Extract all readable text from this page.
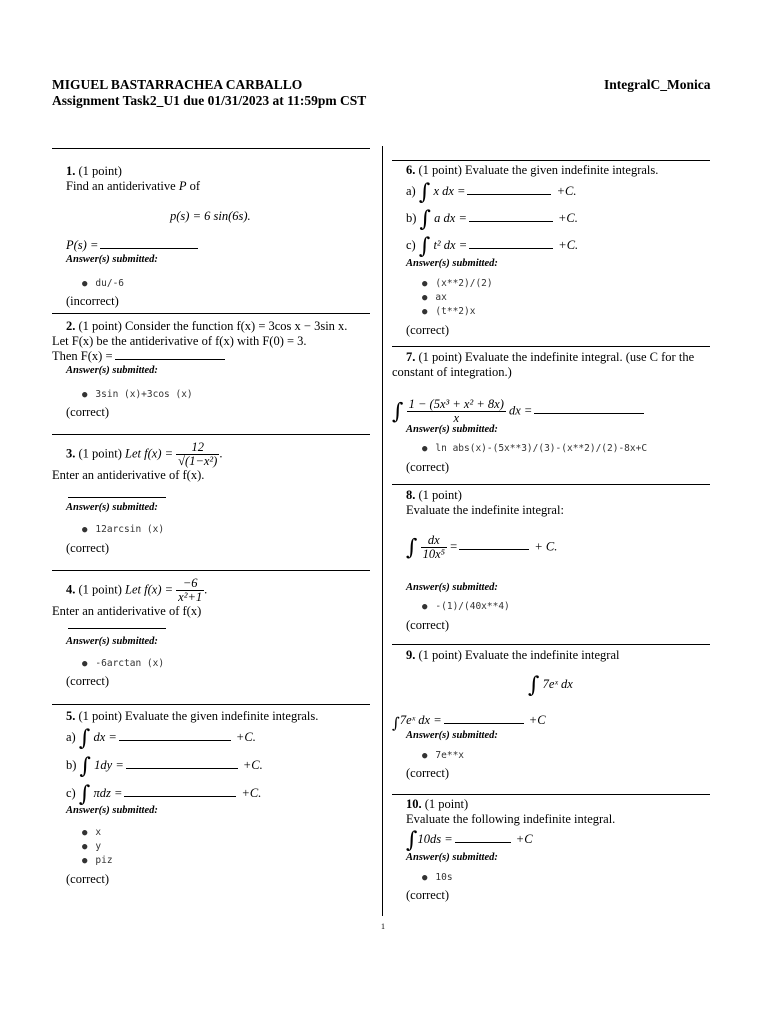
MIGUEL BASTARRACHEA CARBALLO
Assignment Task2_U1 due 01/31/2023 at 11:59pm CST
IntegralC_Monica
1. (1 point)
Find an antiderivative P of
p(s) = 6 sin(6s).
P(s) =
Answer(s) submitted:
● du/-6
(incorrect)
2. (1 point) Consider the function f(x) = 3cos x − 3sin x.
Let F(x) be the antiderivative of f(x) with F(0) = 3.
Then F(x) =
Answer(s) submitted:
● 3sin (x)+3cos (x)
(correct)
3. (1 point) Let $f(x) = \frac{12}{\text{√(1−x²)}}$ .
Enter an antiderivative of f(x).
Answer(s) submitted:
● 12arcsin (x)
(correct)
4. (1 point) Let $f(x) = \frac{-6}{\text{x²+1}}$ .
Enter an antiderivative of f(x)
Answer(s) submitted:
● -6arctan (x)
(correct)
5. (1 point) Evaluate the given indefinite integrals.
a) ∫ dx =	+C.
b) ∫ 1dy =	+C.
c) ∫ πdz =	+C.
Answer(s) submitted:
● x
● y
● piz
(correct)
6. (1 point) Evaluate the given indefinite integrals.
a) ∫ x dx =	+C.
b) ∫ a dx =	+C.
c) ∫ t² dx =	+C.
Answer(s) submitted:
● (x**2)/(2)
● ax
● (t**2)x
(correct)
7. (1 point) Evaluate the indefinite integral. (use C for the
constant of integration.)
∫ $\frac{\text{1 − (5x³ + x² + 8x)}}{x}$ dx =
Answer(s) submitted:
● ln abs(x)-(5x**3)/(3)-(x**2)/(2)-8x+C
(correct)
8. (1 point)
Evaluate the indefinite integral:
∫ $\frac{dx}{\text{10x⁵}}$ =	+ C.
Answer(s) submitted:
● -(1)/(40x**4)
(correct)
9. (1 point) Evaluate the indefinite integral
∫ 7eˣ dx
∫7eˣ dx =	+C
Answer(s) submitted:
● 7e**x
(correct)
10. (1 point)
Evaluate the following indefinite integral.
∫10ds =	+C
Answer(s) submitted:
● 10s
(correct)
1
